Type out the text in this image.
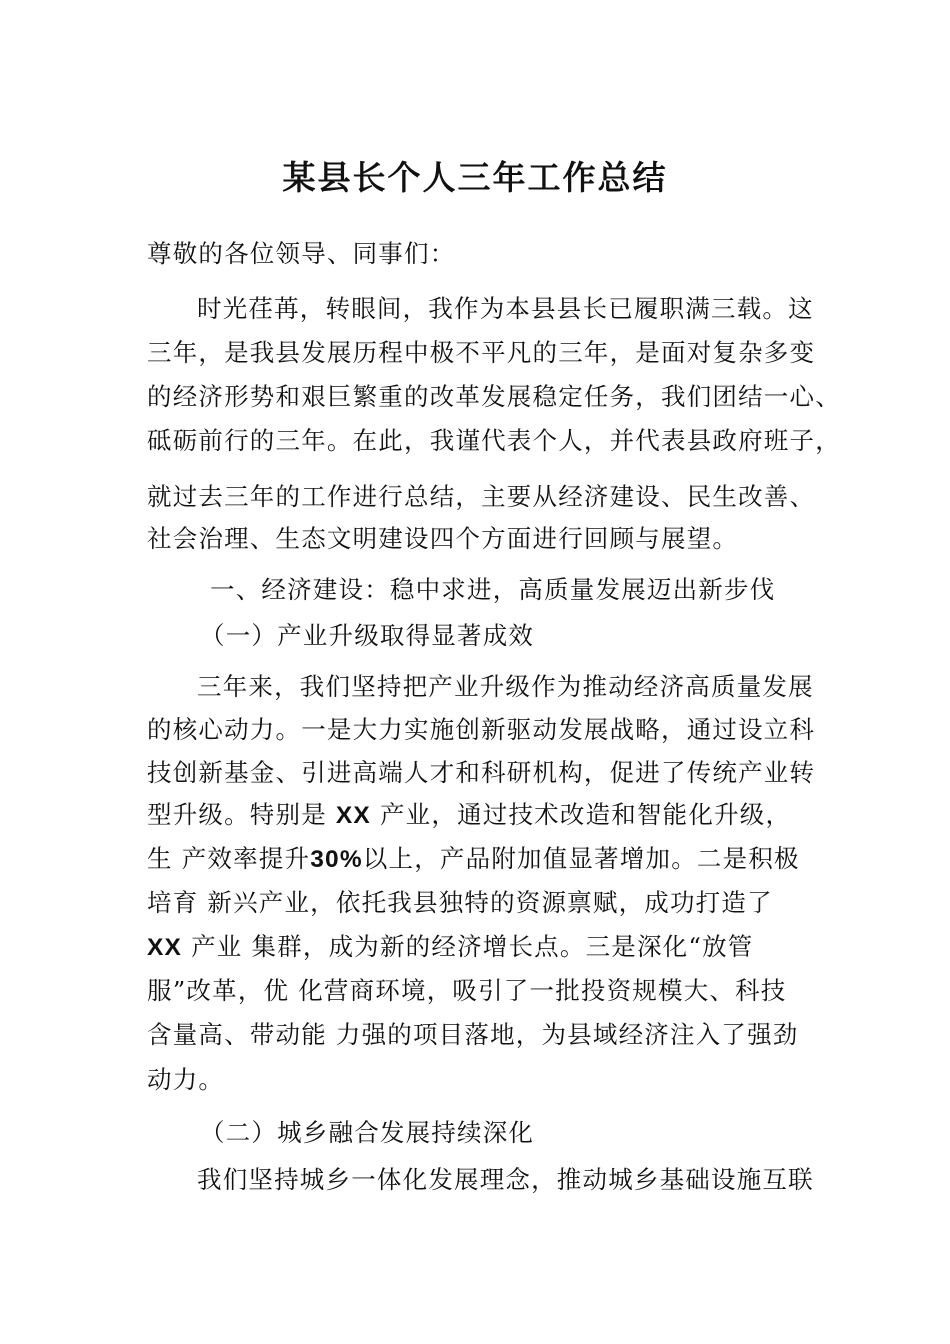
某县长个人三年工作总结
尊敬的各位领导、同事们：
时光荏苒，转眼间，我作为本县县长已履职满三载。这
三年，是我县发展历程中极不平凡的三年，是面对复杂多变
的经济形势和艰巨繁重的改革发展稳定任务，我们团结一心、
砥砺前行的三年。在此，我谨代表个人，并代表县政府班子，
就过去三年的工作进行总结，主要从经济建设、民生改善、
社会治理、生态文明建设四个方面进行回顾与展望。
一、经济建设：稳中求进，高质量发展迈出新步伐
（一）产业升级取得显著成效
三年来，我们坚持把产业升级作为推动经济高质量发展
的核心动力。一是大力实施创新驱动发展战略，通过设立科
技创新基金、引进高端人才和科研机构，促进了传统产业转
型升级。特别是 XX 产业，通过技术改造和智能化升级，
生 产效率提升30%以上，产品附加值显著增加。二是积极
培育 新兴产业，依托我县独特的资源禀赋，成功打造了
XX 产业 集群，成为新的经济增长点。三是深化“放管
服”改革，优 化营商环境，吸引了一批投资规模大、科技
含量高、带动能 力强的项目落地，为县域经济注入了强劲
动力。
（二）城乡融合发展持续深化
我们坚持城乡一体化发展理念，推动城乡基础设施互联
